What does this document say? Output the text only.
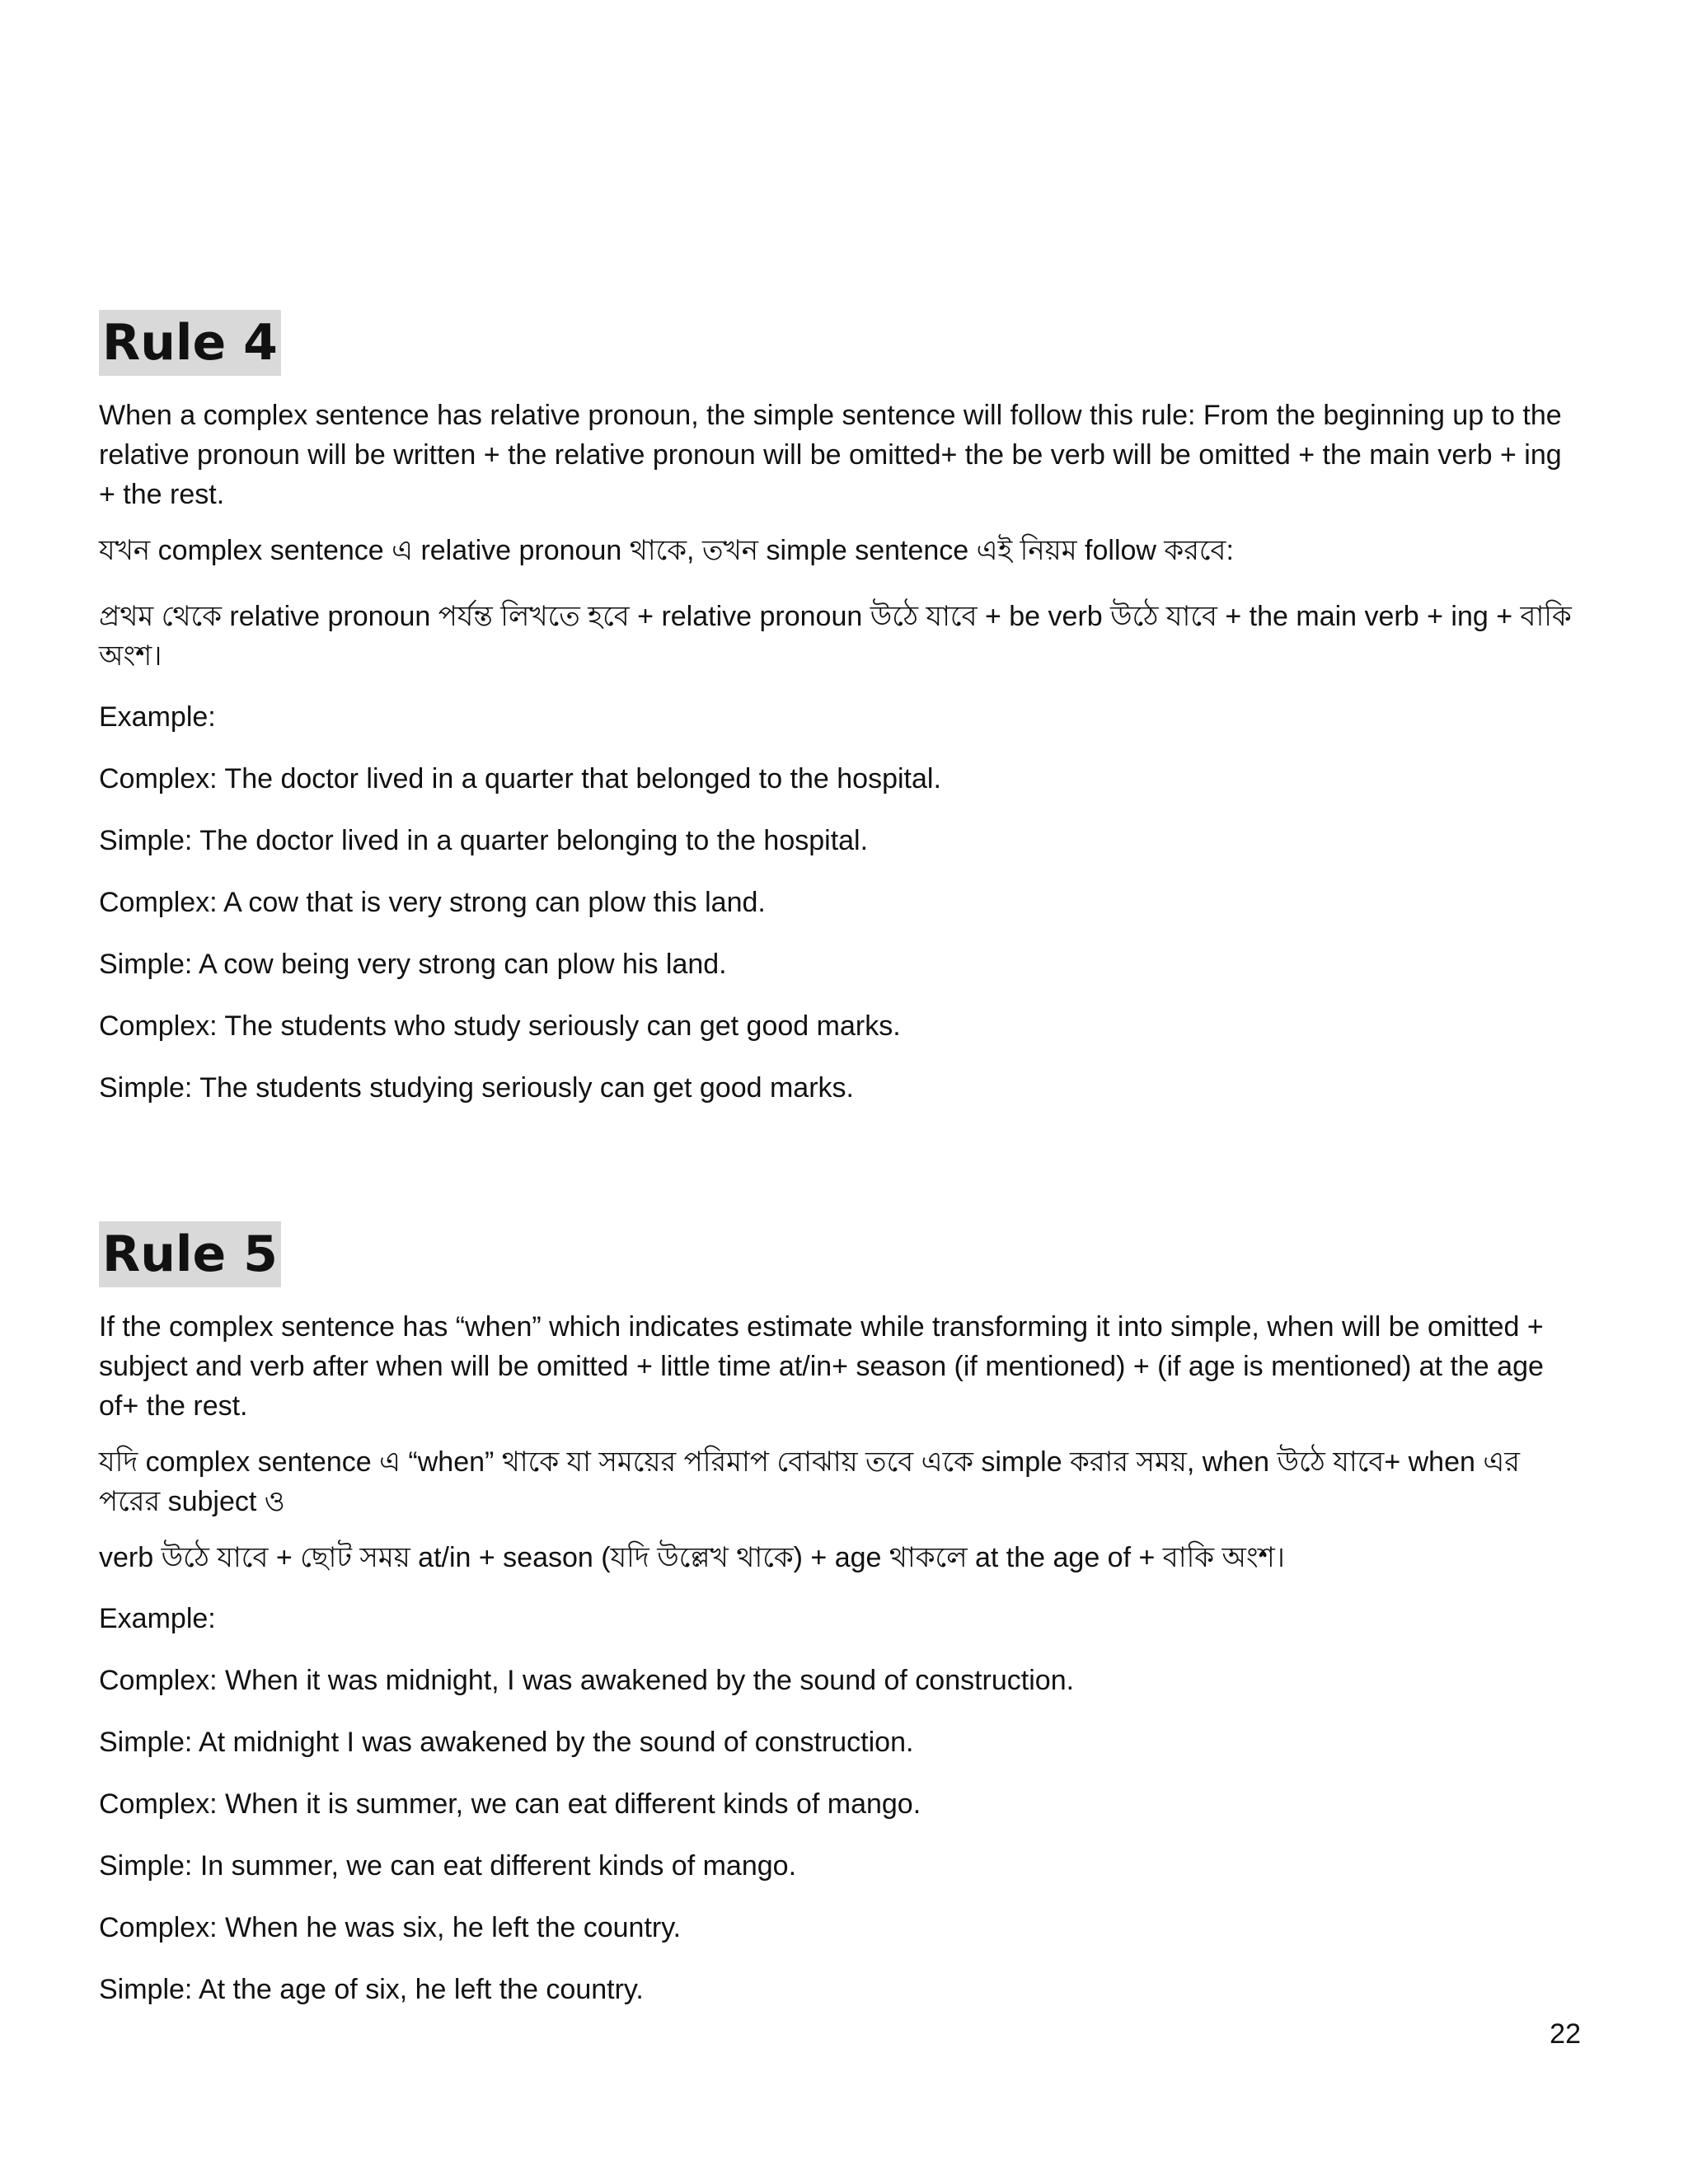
Rule 4

When a complex sentence has relative pronoun, the simple sentence will follow this rule: From the beginning up to the relative pronoun will be written + the relative pronoun will be omitted+ the be verb will be omitted + the main verb + ing + the rest.

যখন complex sentence এ relative pronoun থাকে, তখন simple sentence এই নিয়ম follow করবে:

প্রথম থেকে relative pronoun পর্যন্ত লিখতে হবে + relative pronoun উঠে যাবে + be verb উঠে যাবে + the main verb + ing + বাকি অংশ।

Example:

Complex: The doctor lived in a quarter that belonged to the hospital.

Simple: The doctor lived in a quarter belonging to the hospital.

Complex: A cow that is very strong can plow this land.

Simple: A cow being very strong can plow his land.

Complex: The students who study seriously can get good marks.

Simple: The students studying seriously can get good marks.

Rule 5

If the complex sentence has “when” which indicates estimate while transforming it into simple, when will be omitted + subject and verb after when will be omitted + little time at/in+ season (if mentioned) + (if age is mentioned) at the age of+ the rest.

যদি complex sentence এ “when” থাকে যা সময়ের পরিমাপ বোঝায় তবে একে simple করার সময়, when উঠে যাবে+ when এর পরের subject ও

verb উঠে যাবে + ছোট সময় at/in + season (যদি উল্লেখ থাকে) + age থাকলে at the age of + বাকি অংশ।

Example:

Complex: When it was midnight, I was awakened by the sound of construction.

Simple: At midnight I was awakened by the sound of construction.

Complex: When it is summer, we can eat different kinds of mango.

Simple: In summer, we can eat different kinds of mango.

Complex: When he was six, he left the country.

Simple: At the age of six, he left the country.

22
